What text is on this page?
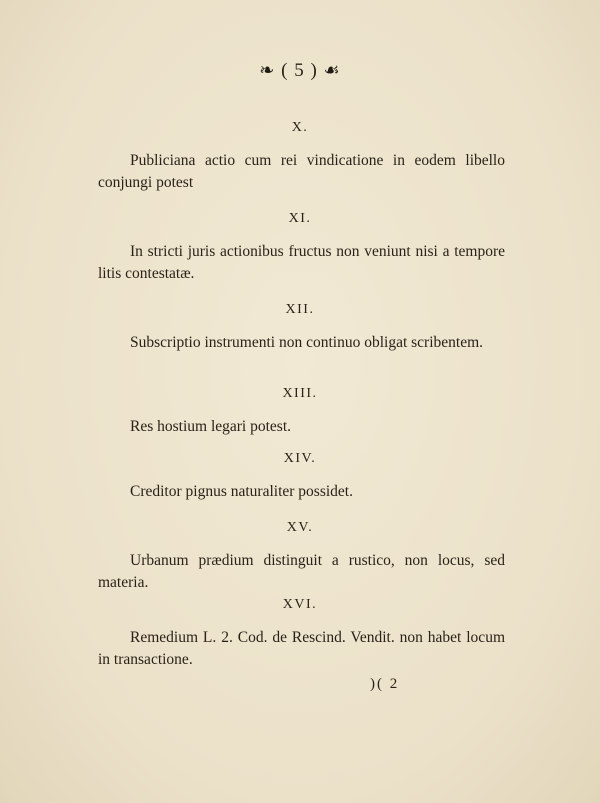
❧ ( 5 ) ☙

X.

Publiciana actio cum rei vindicatione in eodem libello conjungi potest

XI.

In stricti juris actionibus fructus non veniunt nisi a tempore litis contestatæ.

XII.

Subscriptio instrumenti non continuo obligat scribentem.

XIII.

Res hostium legari potest.

XIV.

Creditor pignus naturaliter possidet.

XV.

Urbanum prædium distinguit a rustico, non locus, sed materia.

XVI.

Remedium L. 2. Cod. de Rescind. Vendit. non habet locum in transactione.

)( 2
